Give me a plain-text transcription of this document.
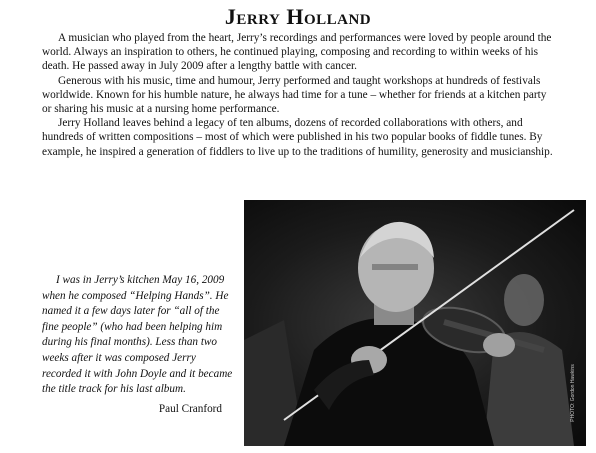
Jerry Holland

A musician who played from the heart, Jerry’s recordings and performances were loved by people around the world. Always an inspiration to others, he continued playing, composing and recording to within weeks of his death. He passed away in July 2009 after a lengthy battle with cancer.

Generous with his music, time and humour, Jerry performed and taught workshops at hundreds of festivals worldwide. Known for his humble nature, he always had time for a tune – whether for friends at a kitchen party or sharing his music at a nursing home performance.

Jerry Holland leaves behind a legacy of ten albums, dozens of recorded collaborations with others, and hundreds of written compositions – most of which were published in his two popular books of fiddle tunes. By example, he inspired a generation of fiddlers to live up to the traditions of humility, generosity and musicianship.

I was in Jerry’s kitchen May 16, 2009 when he composed “Helping Hands”. He named it a few days later for “all of the fine people” (who had been helping him during his final months). Less than two weeks after it was composed Jerry recorded it with John Doyle and it became the title track for his last album.

Paul Cranford	PHOTO: Gordon Hawkins
